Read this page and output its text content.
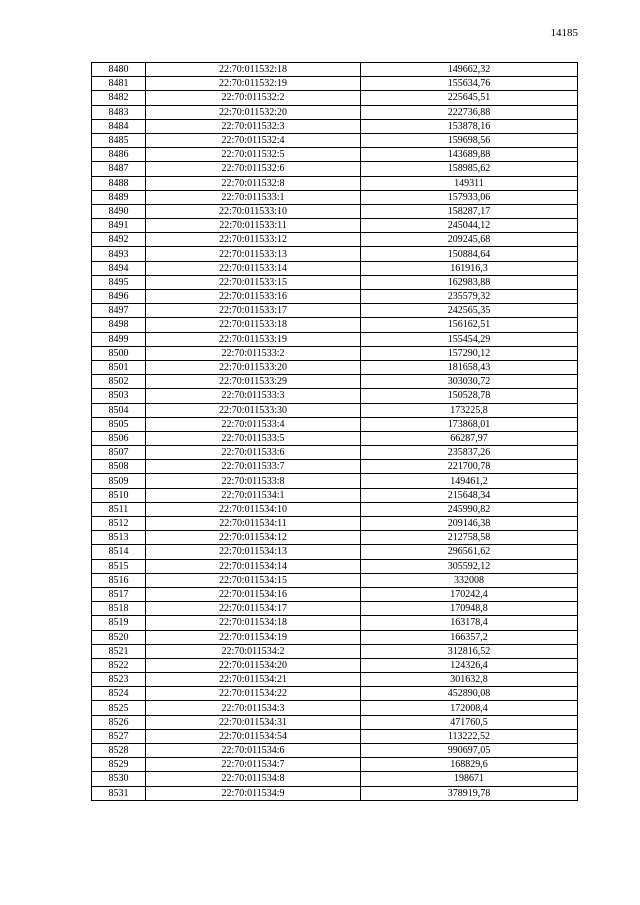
14185
8480	22:70:011532:18	149662,32
8481	22:70:011532:19	155634,76
8482	22:70:011532:2	225645,51
8483	22:70:011532:20	222736,88
8484	22:70:011532:3	153878,16
8485	22:70:011532:4	159698,56
8486	22:70:011532:5	143689,88
8487	22:70:011532:6	158985,62
8488	22:70:011532:8	149311
8489	22:70:011533:1	157933,06
8490	22:70:011533:10	158287,17
8491	22:70:011533:11	245044,12
8492	22:70:011533:12	209245,68
8493	22:70:011533:13	150884,64
8494	22:70:011533:14	161916,3
8495	22:70:011533:15	162983,88
8496	22:70:011533:16	235579,32
8497	22:70:011533:17	242565,35
8498	22:70:011533:18	156162,51
8499	22:70:011533:19	155454,29
8500	22:70:011533:2	157290,12
8501	22:70:011533:20	181658,43
8502	22:70:011533:29	303030,72
8503	22:70:011533:3	150528,78
8504	22:70:011533:30	173225,8
8505	22:70:011533:4	173868,01
8506	22:70:011533:5	66287,97
8507	22:70:011533:6	235837,26
8508	22:70:011533:7	221700,78
8509	22:70:011533:8	149461,2
8510	22:70:011534:1	215648,34
8511	22:70:011534:10	245990,82
8512	22:70:011534:11	209146,38
8513	22:70:011534:12	212758,58
8514	22:70:011534:13	296561,62
8515	22:70:011534:14	305592,12
8516	22:70:011534:15	332008
8517	22:70:011534:16	170242,4
8518	22:70:011534:17	170948,8
8519	22:70:011534:18	163178,4
8520	22:70:011534:19	166357,2
8521	22:70:011534:2	312816,52
8522	22:70:011534:20	124326,4
8523	22:70:011534:21	301632,8
8524	22:70:011534:22	452890,08
8525	22:70:011534:3	172008,4
8526	22:70:011534:31	471760,5
8527	22:70:011534:54	113222,52
8528	22:70:011534:6	990697,05
8529	22:70:011534:7	168829,6
8530	22:70:011534:8	198671
8531	22:70:011534:9	378919,78
